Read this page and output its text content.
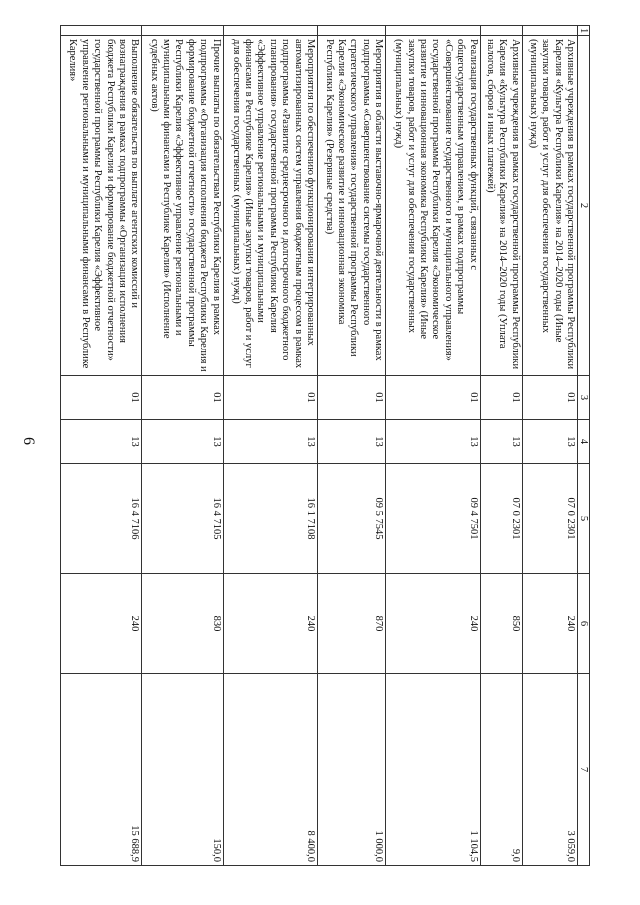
6
1	2	3	4	5	6	7
	Архивные учреждения в рамках государственной программы Республики Карелия «Культура Республики Карелия» на 2014–2020 годы (Иные закупки товаров, работ и услуг для обеспечения государственных (муниципальных) нужд)	01	13	07 0 2301	240	3 059,0
	Архивные учреждения в рамках государственной программы Республики Карелия «Культура Республики Карелия» на 2014–2020 годы (Уплата налогов, сборов и иных платежей)	01	13	07 0 2301	850	9,0
	Реализация государственных функций, связанных с общегосударственным управлением, в рамках подпрограммы «Совершенствование государственного и муниципального управления» государственной программы Республики Карелия «Экономическое развитие и инновационная экономика Республики Карелия» (Иные закупки товаров, работ и услуг для обеспечения государственных (муниципальных) нужд)	01	13	09 4 7501	240	1 104,5
	Мероприятия в области выставочно-ярмарочной деятельности в рамках подпрограммы «Совершенствование системы государственного стратегического управления» государственной программы Республики Карелия «Экономическое развитие и инновационная экономика Республики Карелия» (Резервные средства)	01	13	09 5 7545	870	1 000,0
	Мероприятия по обеспечению функционирования интегрированных автоматизированных систем управления бюджетным процессом в рамках подпрограммы «Развитие среднесрочного и долгосрочного бюджетного планирования» государственной программы Республики Карелия «Эффективное управление региональными и муниципальными финансами в Республике Карелия» (Иные закупки товаров, работ и услуг для обеспечения государственных (муниципальных) нужд)	01	13	16 1 7108	240	8 400,0
	Прочие выплаты по обязательствам Республики Карелия в рамках подпрограммы «Организация исполнения бюджета Республики Карелия и формирование бюджетной отчетности» государственной программы Республики Карелия «Эффективное управление региональными и муниципальными финансами в Республике Карелия» (Исполнение судебных актов)	01	13	16 4 7105	830	150,0
	Выполнение обязательств по выплате агентских комиссий и вознаграждения в рамках подпрограммы «Организация исполнения бюджета Республики Карелия и формирование бюджетной отчетности» государственной программы Республики Карелия «Эффективное управление региональными и муниципальными финансами в Республике Карелия»	01	13	16 4 7106	240	15 688,9
